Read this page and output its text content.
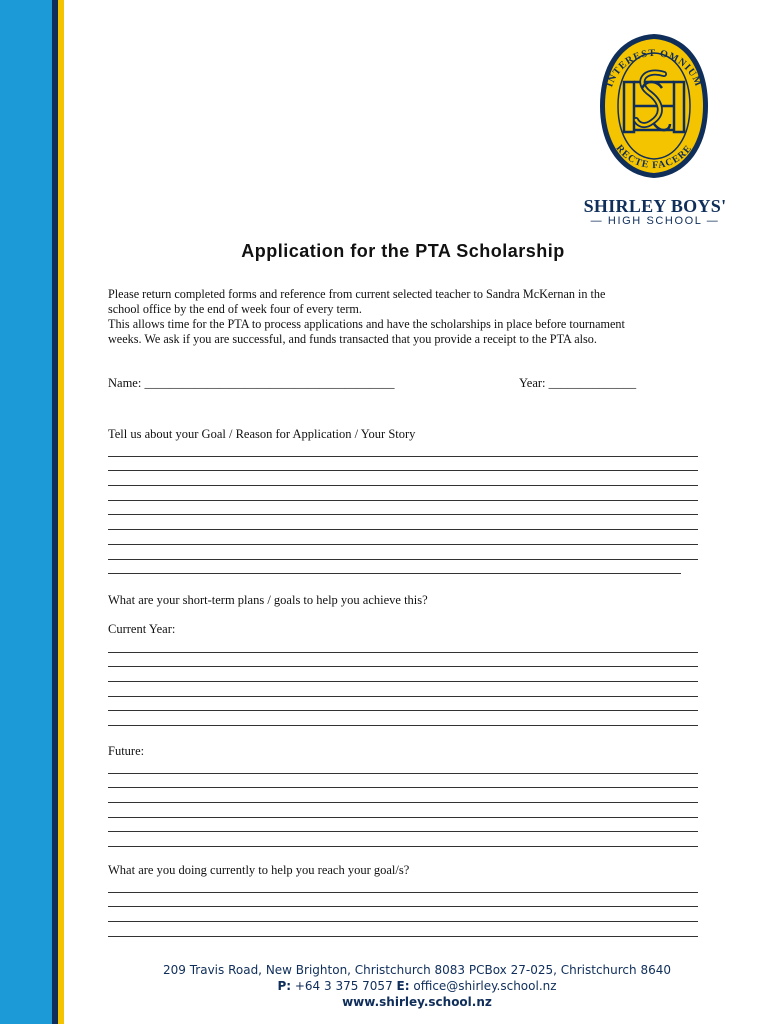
INTEREST OMNIUM
RECTE FACERE
SHIRLEY BOYS'
— HIGH SCHOOL —
Application for the PTA Scholarship

Please return completed forms and reference from current selected teacher to Sandra McKernan in the

school office by the end of week four of every term.

This allows time for the PTA to process applications and have the scholarships in place before tournament

weeks. We ask if you are successful, and funds transacted that you provide a receipt to the PTA also.

Name: ________________________________________	Year: ______________
Tell us about your Goal / Reason for Application / Your Story
What are your short-term plans / goals to help you achieve this?
Current Year:
Future:
What are you doing currently to help you reach your goal/s?
209 Travis Road, New Brighton, Christchurch 8083 PCBox 27-025, Christchurch 8640
P: +64 3 375 7057 E: office@shirley.school.nz
www.shirley.school.nz
